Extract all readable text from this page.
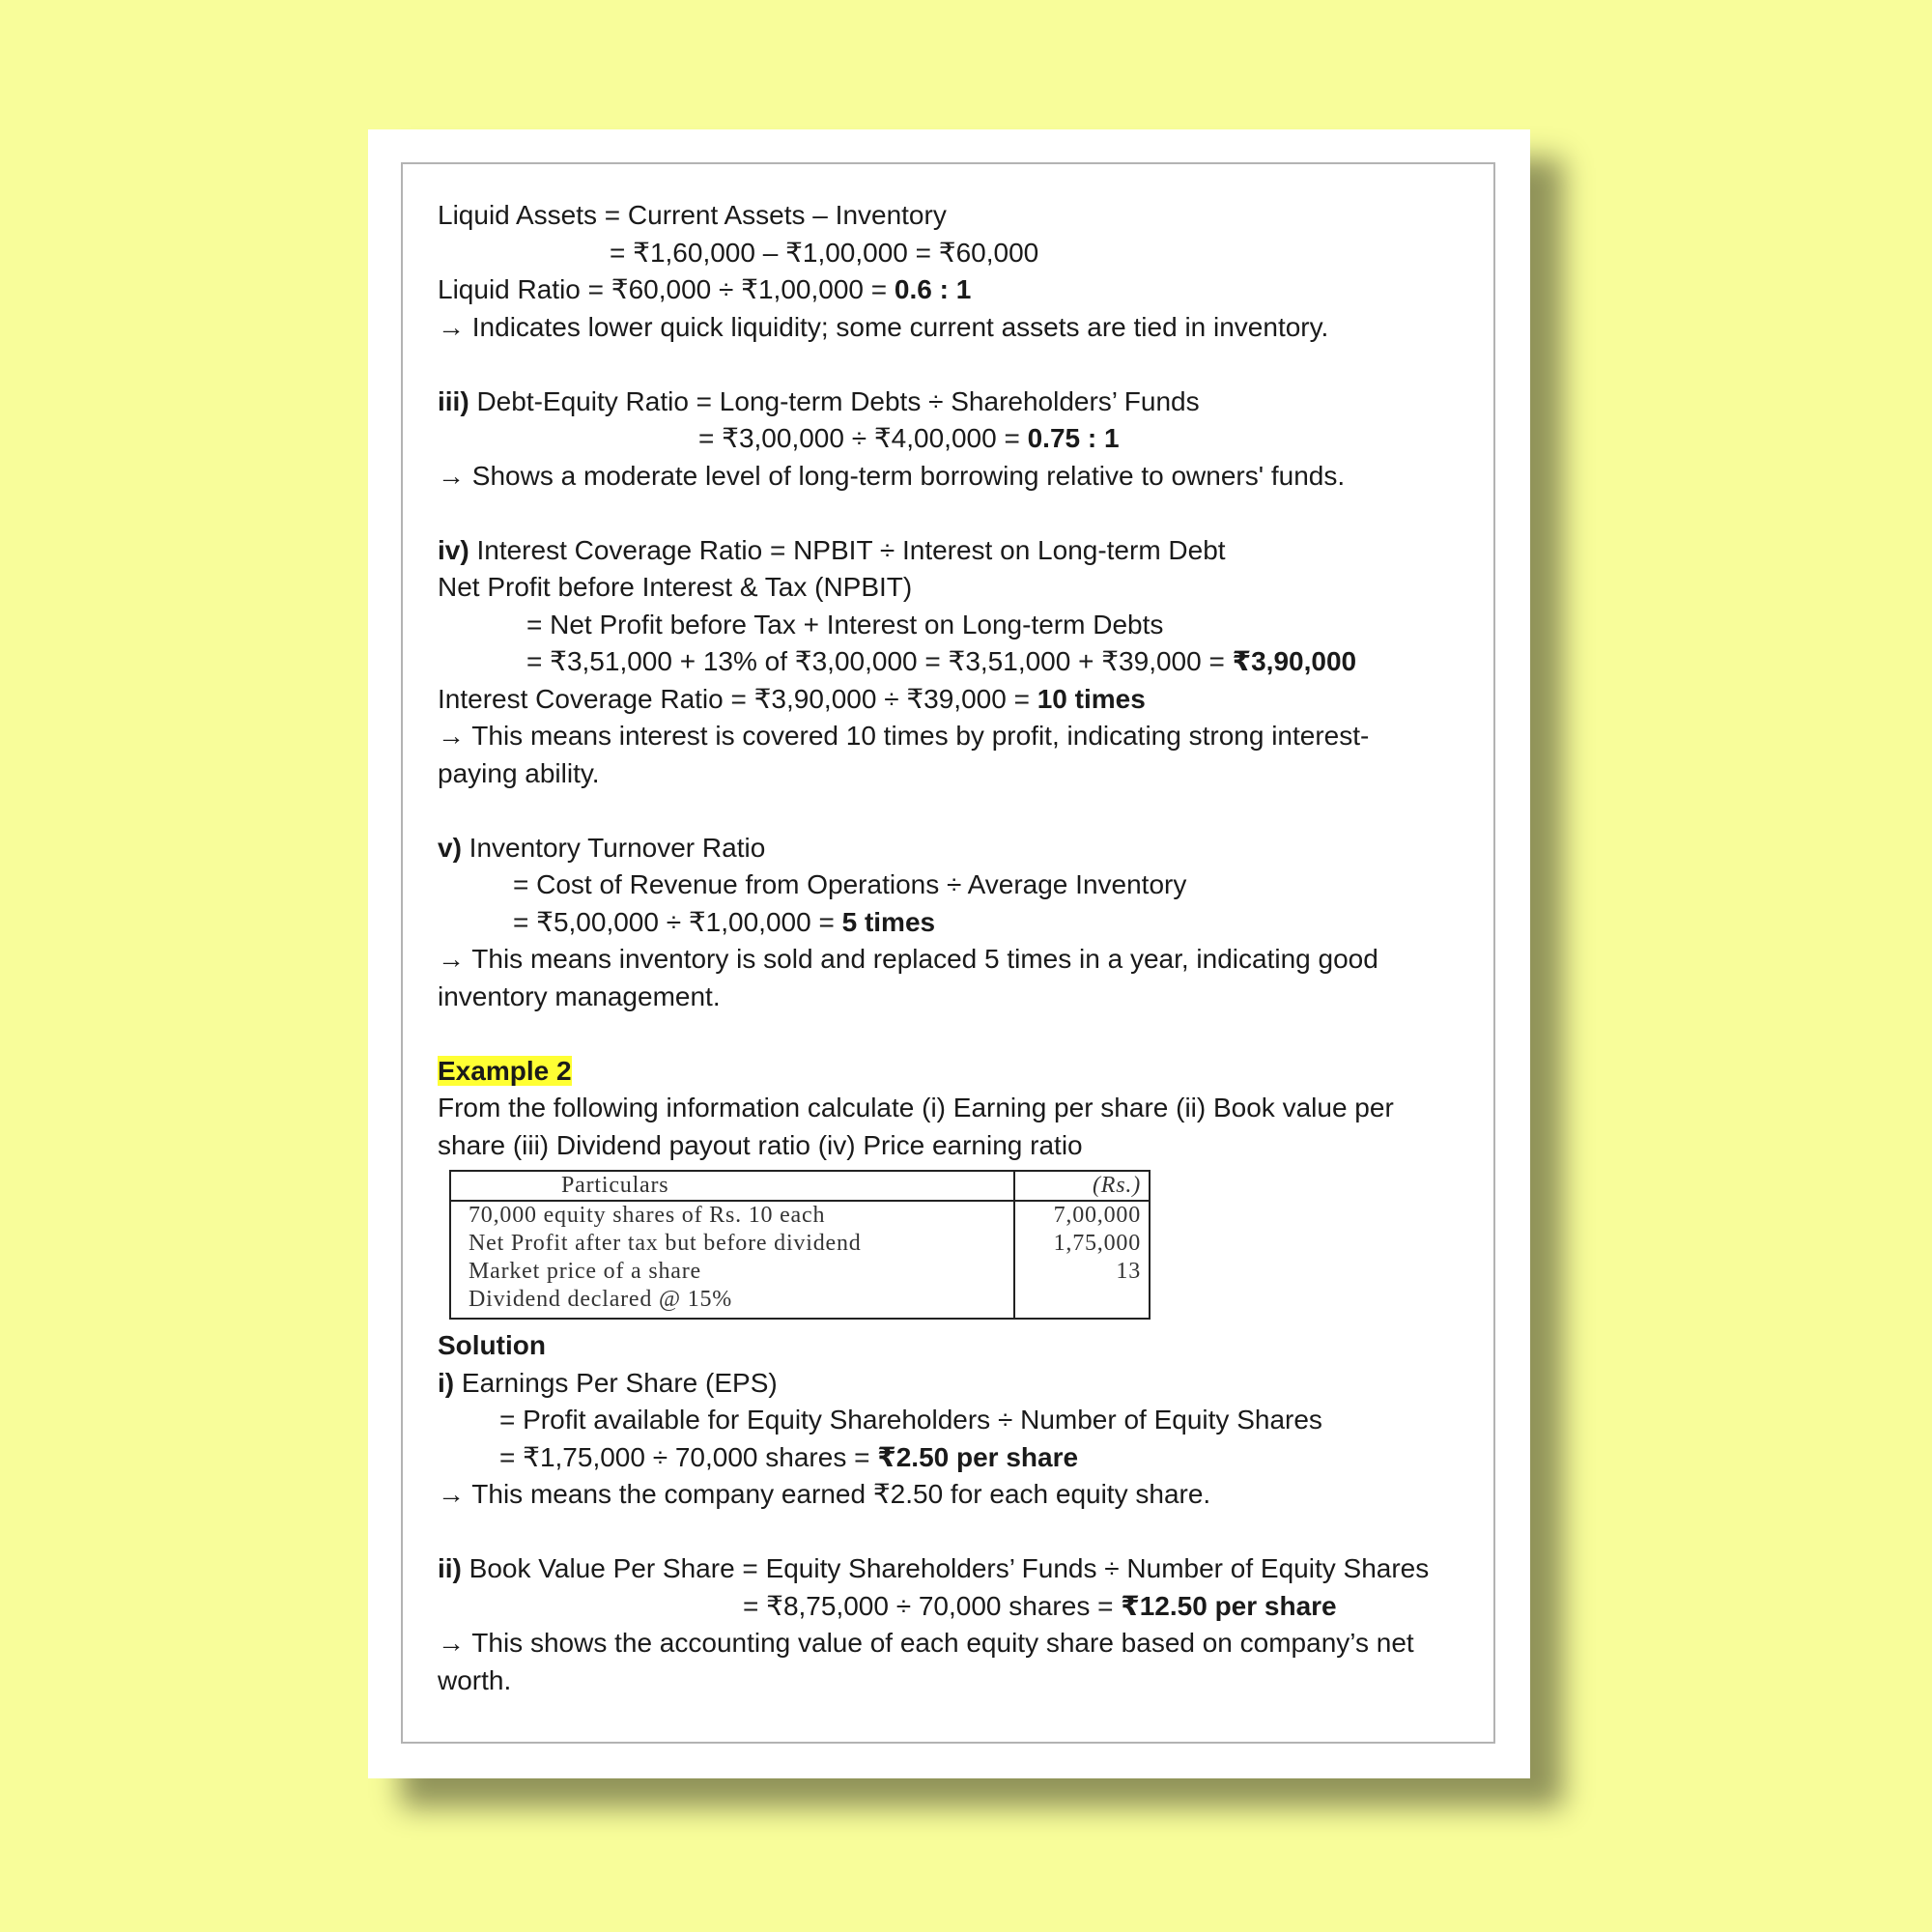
Liquid Assets = Current Assets – Inventory
= ₹1,60,000 – ₹1,00,000 = ₹60,000
Liquid Ratio = ₹60,000 ÷ ₹1,00,000 = 0.6 : 1
→ Indicates lower quick liquidity; some current assets are tied in inventory.
iii) Debt-Equity Ratio = Long-term Debts ÷ Shareholders’ Funds
= ₹3,00,000 ÷ ₹4,00,000 = 0.75 : 1
→ Shows a moderate level of long-term borrowing relative to owners' funds.
iv) Interest Coverage Ratio = NPBIT ÷ Interest on Long-term Debt
Net Profit before Interest & Tax (NPBIT)
= Net Profit before Tax + Interest on Long-term Debts
= ₹3,51,000 + 13% of ₹3,00,000 = ₹3,51,000 + ₹39,000 = ₹3,90,000
Interest Coverage Ratio = ₹3,90,000 ÷ ₹39,000 = 10 times
→ This means interest is covered 10 times by profit, indicating strong interest-
paying ability.
v) Inventory Turnover Ratio
= Cost of Revenue from Operations ÷ Average Inventory
= ₹5,00,000 ÷ ₹1,00,000 = 5 times
→ This means inventory is sold and replaced 5 times in a year, indicating good
inventory management.
Example 2
From the following information calculate (i) Earning per share (ii) Book value per
share (iii) Dividend payout ratio (iv) Price earning ratio
Particulars	(Rs.)
70,000 equity shares of Rs. 10 each
Net Profit after tax but before dividend
Market price of a share
Dividend declared @ 15%
7,00,000
1,75,000
13

Solution
i) Earnings Per Share (EPS)
= Profit available for Equity Shareholders ÷ Number of Equity Shares
= ₹1,75,000 ÷ 70,000 shares = ₹2.50 per share
→ This means the company earned ₹2.50 for each equity share.
ii) Book Value Per Share = Equity Shareholders’ Funds ÷ Number of Equity Shares
= ₹8,75,000 ÷ 70,000 shares = ₹12.50 per share
→ This shows the accounting value of each equity share based on company’s net
worth.
